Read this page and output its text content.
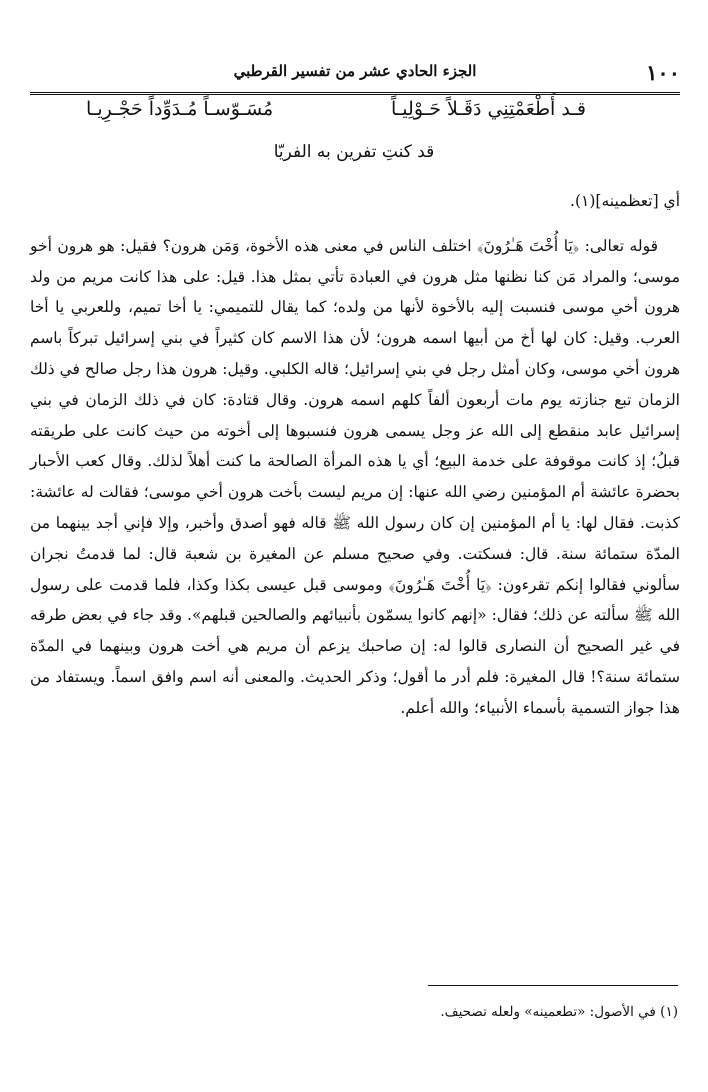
١٠٠
الجزء الحادي عشر من تفسير القرطبي
قـد أَطْعَمْتِنِي دَقَـلاً حَـوْلِيـاً
مُسَـوّسـاً مُـدَوِّداً حَجْـرِيـا
قد كنتِ تفرين به الفريّا

أي [تعظمينه](١).

قوله تعالى: ﴿يَا أُخْتَ هَـٰرُونَ﴾ اختلف الناس في معنى هذه الأخوة، وَمَن هرون؟ فقيل: هو هرون أخو موسى؛ والمراد مَن كنا نظنها مثل هرون في العبادة تأتي بمثل هذا. قيل: على هذا كانت مريم من ولد هرون أخي موسى فنسبت إليه بالأخوة لأنها من ولده؛ كما يقال للتميمي: يا أخا تميم، وللعربي يا أخا العرب. وقيل: كان لها أخ من أبيها اسمه هرون؛ لأن هذا الاسم كان كثيراً في بني إسرائيل تبركاً باسم هرون أخي موسى، وكان أمثل رجل في بني إسرائيل؛ قاله الكلبي. وقيل: هرون هذا رجل صالح في ذلك الزمان تبع جنازته يوم مات أربعون ألفاً كلهم اسمه هرون. وقال قتادة: كان في ذلك الزمان في بني إسرائيل عابد منقطع إلى الله عز وجل يسمى هرون فنسبوها إلى أخوته من حيث كانت على طريقته قبلُ؛ إذ كانت موقوفة على خدمة البيع؛ أي يا هذه المرأة الصالحة ما كنت أهلاً لذلك. وقال كعب الأحبار بحضرة عائشة أم المؤمنين رضي الله عنها: إن مريم ليست بأخت هرون أخي موسى؛ فقالت له عائشة: كذبت. فقال لها: يا أم المؤمنين إن كان رسول الله ﷺ قاله فهو أصدق وأخبر، وإلا فإني أجد بينهما من المدّة ستمائة سنة. قال: فسكتت. وفي صحيح مسلم عن المغيرة بن شعبة قال: لما قدمتُ نجران سألوني فقالوا إنكم تقرءون: ﴿يَا أُخْتَ هَـٰرُونَ﴾ وموسى قبل عيسى بكذا وكذا، فلما قدمت على رسول الله ﷺ سألته عن ذلك؛ فقال: «إنهم كانوا يسمّون بأنبيائهم والصالحين قبلهم». وقد جاء في بعض طرقه في غير الصحيح أن النصارى قالوا له: إن صاحبك يزعم أن مريم هي أخت هرون وبينهما في المدّة ستمائة سنة؟! قال المغيرة: فلم أدر ما أقول؛ وذكر الحديث. والمعنى أنه اسم وافق اسماً. ويستفاد من هذا جواز التسمية بأسماء الأنبياء؛ والله أعلم.

(١) في الأصول: «تطعمينه» ولعله تصحيف.
